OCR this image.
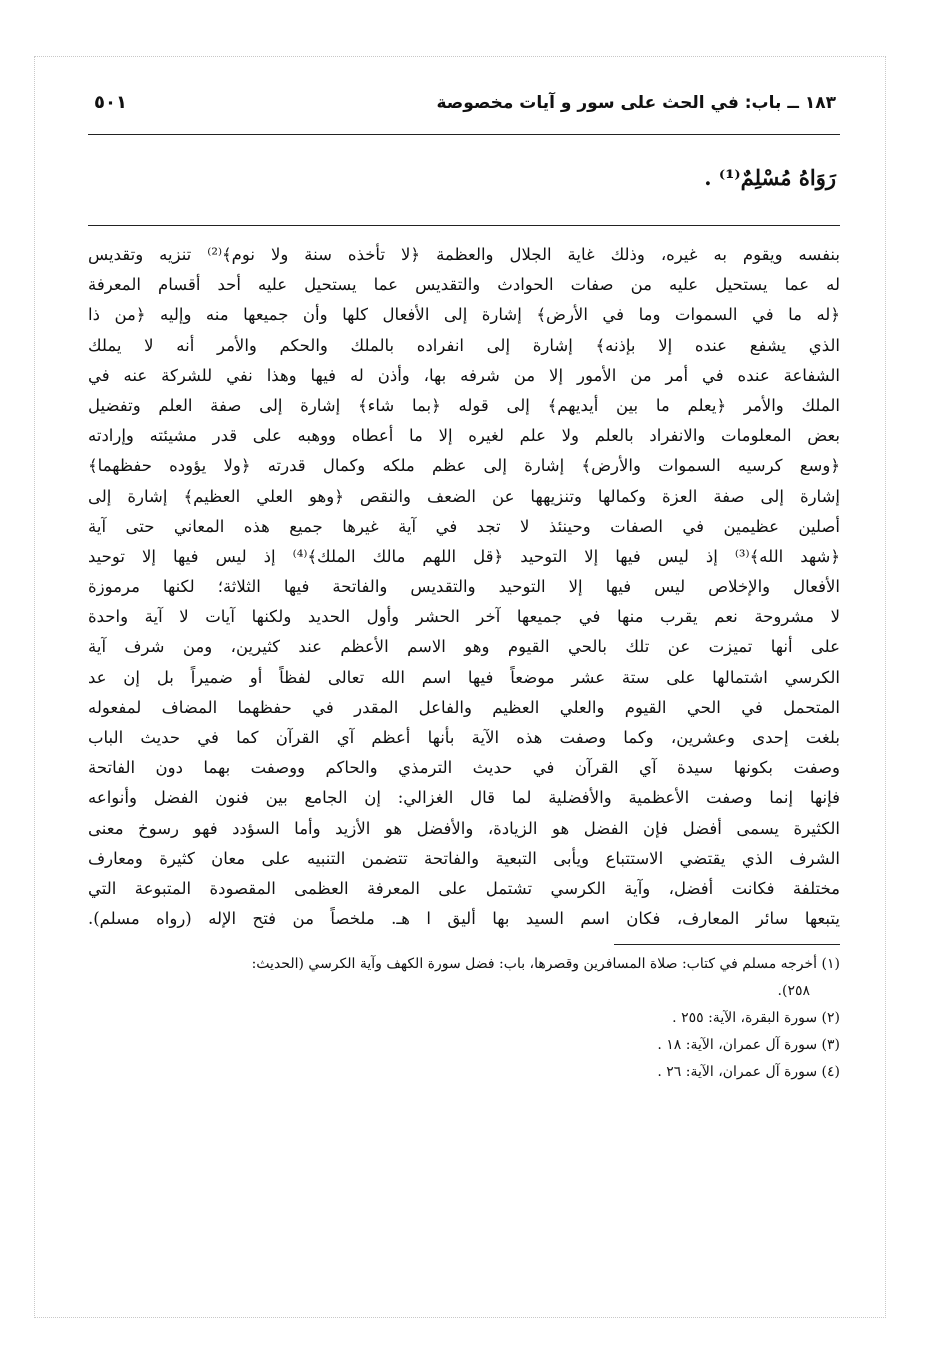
١٨٣ ــ باب: في الحث على سور و آيات مخصوصة
٥٠١
رَوَاهُ مُسْلِمٌ⁽¹⁾ .
بنفسه ويقوم به غيره، وذلك غاية الجلال والعظمة ﴿لا تأخذه سنة ولا نوم﴾⁽²⁾ تنزيه وتقديس
له عما يستحيل عليه من صفات الحوادث والتقديس عما يستحيل عليه أحد أقسام المعرفة
﴿له ما في السموات وما في الأرض﴾ إشارة إلى الأفعال كلها وأن جميعها منه وإليه ﴿من ذا
الذي يشفع عنده إلا بإذنه﴾ إشارة إلى انفراده بالملك والحكم والأمر أنه لا يملك
الشفاعة عنده في أمر من الأمور إلا من شرفه بها، وأذن له فيها وهذا نفي للشركة عنه في
الملك والأمر ﴿يعلم ما بين أيديهم﴾ إلى قوله ﴿بما شاء﴾ إشارة إلى صفة العلم وتفضيل
بعض المعلومات والانفراد بالعلم ولا علم لغيره إلا ما أعطاه ووهبه على قدر مشيئته وإرادته
﴿وسع كرسيه السموات والأرض﴾ إشارة إلى عظم ملكه وكمال قدرته ﴿ولا يؤوده حفظهما﴾
إشارة إلى صفة العزة وكمالها وتنزيهها عن الضعف والنقص ﴿وهو العلي العظيم﴾ إشارة إلى
أصلين عظيمين في الصفات وحينئذ لا تجد في آية غيرها جميع هذه المعاني حتى آية
﴿شهد الله﴾⁽³⁾ إذ ليس فيها إلا التوحيد ﴿قل اللهم مالك الملك﴾⁽⁴⁾ إذ ليس فيها إلا توحيد
الأفعال والإخلاص ليس فيها إلا التوحيد والتقديس والفاتحة فيها الثلاثة؛ لكنها مرموزة
لا مشروحة نعم يقرب منها في جميعها آخر الحشر وأول الحديد ولكنها آيات لا آية واحدة
على أنها تميزت عن تلك بالحي القيوم وهو الاسم الأعظم عند كثيرين، ومن شرف آية
الكرسي اشتمالها على ستة عشر موضعاً فيها اسم الله تعالى لفظاً أو ضميراً بل إن عد
المتحمل في الحي القيوم والعلي العظيم والفاعل المقدر في حفظهما المضاف لمفعوله
بلغت إحدى وعشرين، وكما وصفت هذه الآية بأنها أعظم آي القرآن كما في حديث الباب
وصفت بكونها سيدة آي القرآن في حديث الترمذي والحاكم ووصفت بهما دون الفاتحة
فإنها إنما وصفت الأعظمية والأفضلية لما قال الغزالي: إن الجامع بين فنون الفضل وأنواعه
الكثيرة يسمى أفضل فإن الفضل هو الزيادة، والأفضل هو الأزيد وأما السؤدد فهو رسوخ معنى
الشرف الذي يقتضي الاستتباع ويأبى التبعية والفاتحة تتضمن التنبيه على معان كثيرة ومعارف
مختلفة فكانت أفضل، وآية الكرسي تشتمل على المعرفة العظمى المقصودة المتبوعة التي
يتبعها سائر المعارف، فكان اسم السيد بها أليق ا هـ. ملخصاً من فتح الإله (رواه مسلم).
(١) أخرجه مسلم في كتاب: صلاة المسافرين وقصرها، باب: فضل سورة الكهف وآية الكرسي (الحديث:
٢٥٨).
(٢) سورة البقرة، الآية: ٢٥٥ .
(٣) سورة آل عمران، الآية: ١٨ .
(٤) سورة آل عمران، الآية: ٢٦ .
